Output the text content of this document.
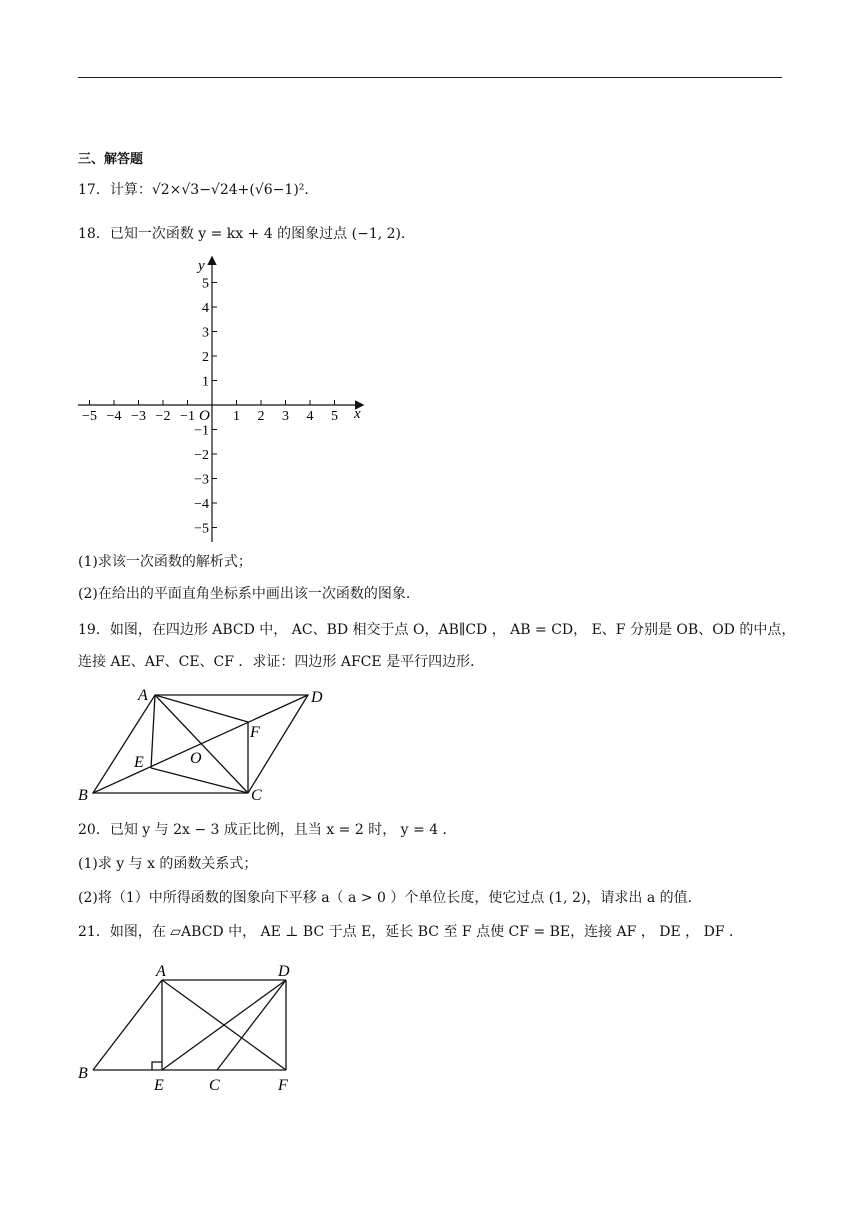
三、解答题
17．计算：√2×√3−√24+(√6−1)²．
18．已知一次函数 y = kx + 4 的图象过点 (−1, 2)．
x
y
O
−5 −4 −3 −2 −1	1 2 3 4 5
5
4
3
2
1
−1
−2
−3
−4
−5
(1)求该一次函数的解析式；
(2)在给出的平面直角坐标系中画出该一次函数的图象.
19．如图，在四边形 ABCD 中， AC、BD 相交于点 O，AB∥CD ， AB = CD， E、F 分别是 OB、OD 的中点，
连接 AE、AF、CE、CF ．求证：四边形 AFCE 是平行四边形．
A	D
F
E	O
B	C
20．已知 y 与 2x − 3 成正比例，且当 x = 2 时， y = 4 ．
(1)求 y 与 x 的函数关系式；
(2)将（1）中所得函数的图象向下平移 a（ a > 0 ）个单位长度，使它过点 (1, 2)，请求出 a 的值．
21．如图，在 ▱ABCD 中， AE ⊥ BC 于点 E，延长 BC 至 F 点使 CF = BE，连接 AF ， DE ， DF ．
A	D
B
E	C	F
